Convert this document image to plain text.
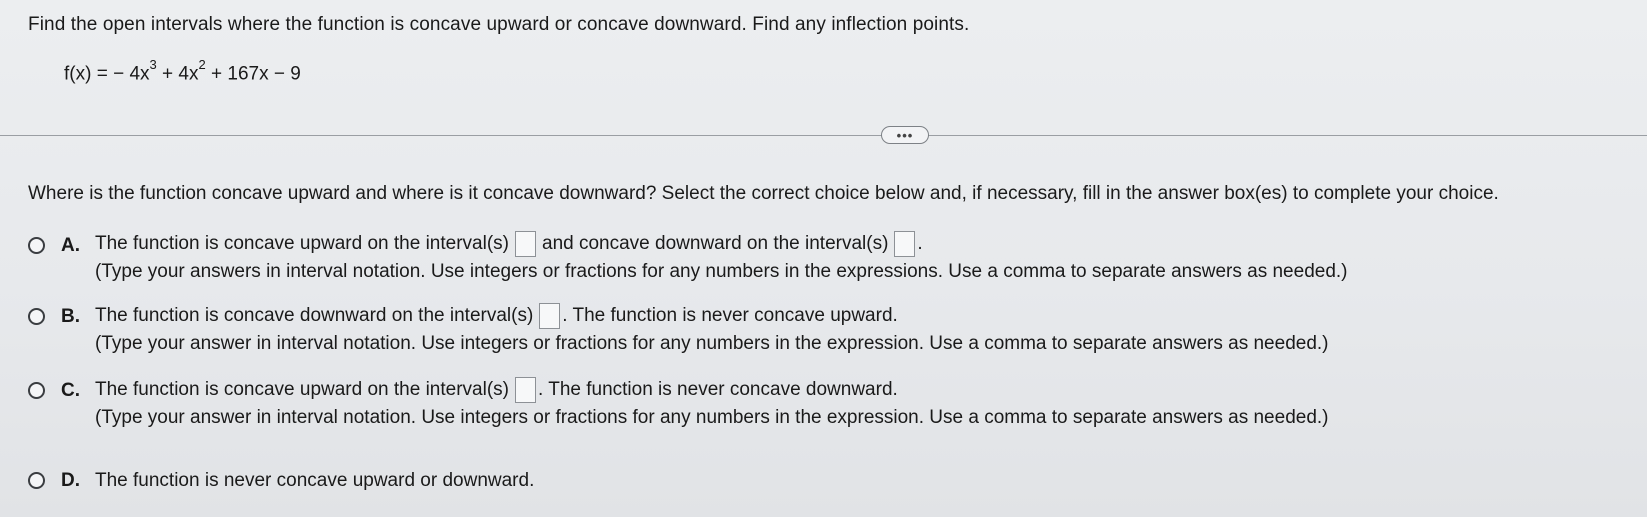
Find the open intervals where the function is concave upward or concave downward. Find any inflection points.
f(x) = − $4x^3 + 4x^2 + 167x - 9$
•••
Where is the function concave upward and where is it concave downward? Select the correct choice below and, if necessary, fill in the answer box(es) to complete your choice.
A. The function is concave upward on the interval(s) and concave downward on the interval(s) .
(Type your answers in interval notation. Use integers or fractions for any numbers in the expressions. Use a comma to separate answers as needed.)
B. The function is concave downward on the interval(s) . The function is never concave upward.
(Type your answer in interval notation. Use integers or fractions for any numbers in the expression. Use a comma to separate answers as needed.)
C. The function is concave upward on the interval(s) . The function is never concave downward.
(Type your answer in interval notation. Use integers or fractions for any numbers in the expression. Use a comma to separate answers as needed.)
D. The function is never concave upward or downward.
